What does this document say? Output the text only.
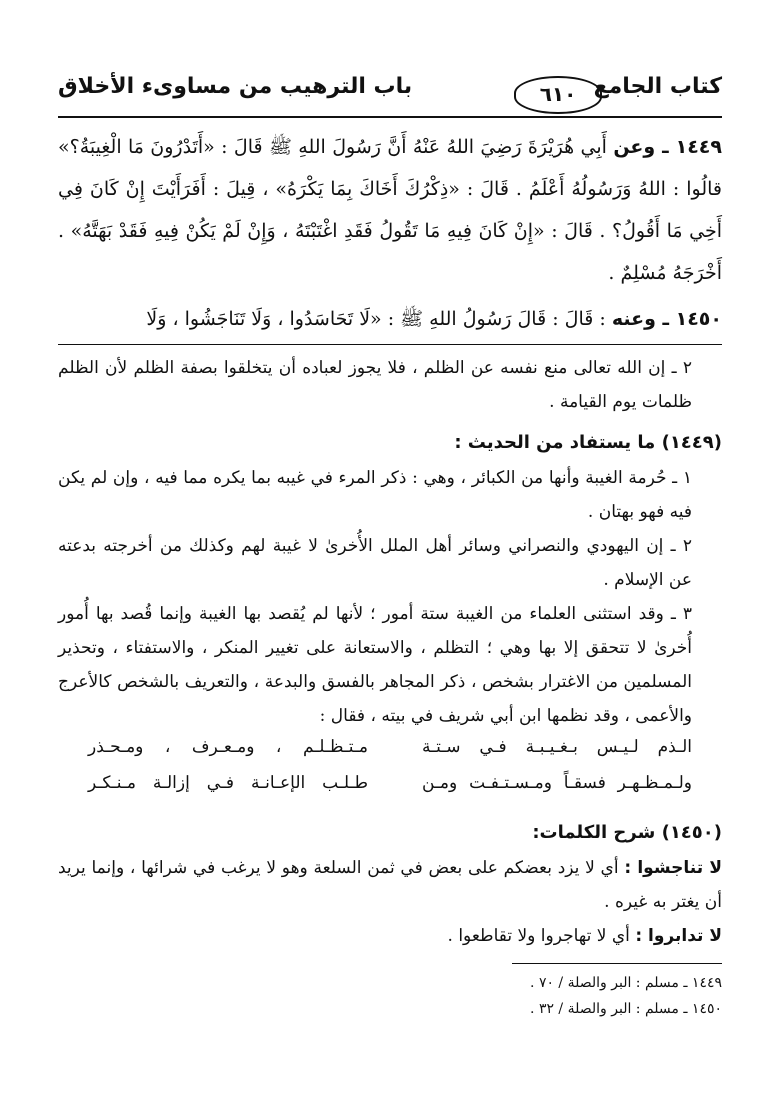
كتاب الجامع
٦١٠
باب الترهيب من مساوىء الأخلاق

١٤٤٩ ـ وعن أَبِي هُرَيْرَةَ رَضِيَ اللهُ عَنْهُ أَنَّ رَسُولَ اللهِ ﷺ قَالَ : «أَتَدْرُونَ مَا الْغِيبَةُ؟» قالُوا : اللهُ وَرَسُولُهُ أَعْلَمُ . قَالَ : «ذِكْرُكَ أَخَاكَ بِمَا يَكْرَهُ» ، قِيلَ : أَفَرَأَيْتَ إِنْ كَانَ فِي أَخِي مَا أَقُولُ؟ . قَالَ : «إِنْ كَانَ فِيهِ مَا تَقُولُ فَقَدِ اغْتَبْتَهُ ، وَإِنْ لَمْ يَكُنْ فِيهِ فَقَدْ بَهَتَّهُ» . أَخْرَجَهُ مُسْلِمٌ .

١٤٥٠ ـ وعنه : قَالَ : قَالَ رَسُولُ اللهِ ﷺ : «لَا تَحَاسَدُوا ، وَلَا تَنَاجَشُوا ، وَلَا

٢ ـ إن الله تعالى منع نفسه عن الظلم ، فلا يجوز لعباده أن يتخلقوا بصفة الظلم لأن الظلم ظلمات يوم القيامة .

(١٤٤٩) ما يستفاد من الحديث :

١ ـ حُرمة الغيبة وأنها من الكبائر ، وهي : ذكر المرء في غيبه بما يكره مما فيه ، وإن لم يكن فيه فهو بهتان .

٢ ـ إن اليهودي والنصراني وسائر أهل الملل الأُخرىٰ لا غيبة لهم وكذلك من أخرجته بدعته عن الإسلام .

٣ ـ وقد استثنى العلماء من الغيبة ستة أمور ؛ لأنها لم يُقصد بها الغيبة وإنما قُصد بها أُمور أُخرىٰ لا تتحقق إلا بها وهي ؛ التظلم ، والاستعانة على تغيير المنكر ، والاستفتاء ، وتحذير المسلمين من الاغترار بشخص ، ذكر المجاهر بالفسق والبدعة ، والتعريف بالشخص كالأعرج والأعمى ، وقد نظمها ابن أبي شريف في بيته ، فقال :

الـذم لـيـس بـغـيـبـة فـي سـتـة
مـتـظـلـم ، ومـعـرف ، ومـحـذر
ولـمـظـهـر فسقـاً ومـسـتـفـت ومـن
طـلـب الإعـانـة فـي إزالـة مـنـكـر

(١٤٥٠) شرح الكلمات:

لا تناجشوا : أي لا يزد بعضكم على بعض في ثمن السلعة وهو لا يرغب في شرائها ، وإنما يريد أن يغتر به غيره .

لا تدابروا : أي لا تهاجروا ولا تقاطعوا .

١٤٤٩ ـ مسلم : البر والصلة / ٧٠ .

١٤٥٠ ـ مسلم : البر والصلة / ٣٢ .
